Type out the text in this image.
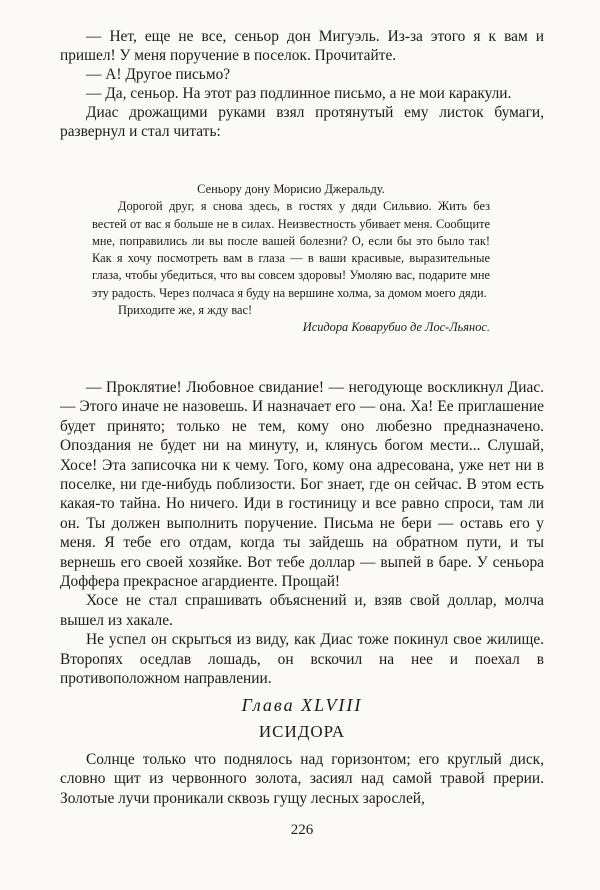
— Нет, еще не все, сеньор дон Мигуэль. Из-за этого я к вам и пришел! У меня поручение в поселок. Прочитайте.

— А! Другое письмо?

— Да, сеньор. На этот раз подлинное письмо, а не мои каракули.

Диас дрожащими руками взял протянутый ему листок бумаги, развернул и стал читать:

Сеньору дону Морисио Джеральду.

Дорогой друг, я снова здесь, в гостях у дяди Сильвио. Жить без вестей от вас я больше не в силах. Неизвестность убивает меня. Сообщите мне, поправились ли вы после вашей болезни? О, если бы это было так! Как я хочу посмотреть вам в глаза — в ваши красивые, выразительные глаза, чтобы убедиться, что вы совсем здоровы! Умоляю вас, подарите мне эту радость. Через полчаса я буду на вершине холма, за домом моего дяди.

Приходите же, я жду вас!

Исидора Коварубио де Лос-Льянос.

— Проклятие! Любовное свидание! — негодующе воскликнул Диас. — Этого иначе не назовешь. И назначает его — она. Ха! Ее приглашение будет принято; только не тем, кому оно любезно предназначено. Опоздания не будет ни на минуту, и, клянусь богом мести... Слушай, Хосе! Эта записочка ни к чему. Того, кому она адресована, уже нет ни в поселке, ни где-нибудь поблизости. Бог знает, где он сейчас. В этом есть какая-то тайна. Но ничего. Иди в гостиницу и все равно спроси, там ли он. Ты должен выполнить поручение. Письма не бери — оставь его у меня. Я тебе его отдам, когда ты зайдешь на обратном пути, и ты вернешь его своей хозяйке. Вот тебе доллар — выпей в баре. У сеньора Доффера прекрасное агардиенте. Прощай!

Хосе не стал спрашивать объяснений и, взяв свой доллар, молча вышел из хакале.

Не успел он скрыться из виду, как Диас тоже покинул свое жилище. Второпях оседлав лошадь, он вскочил на нее и поехал в противоположном направлении.

Глава XLVIII

ИСИДОРА

Солнце только что поднялось над горизонтом; его круглый диск, словно щит из червонного золота, засиял над самой травой прерии. Золотые лучи проникали сквозь гущу лесных зарослей,

226
